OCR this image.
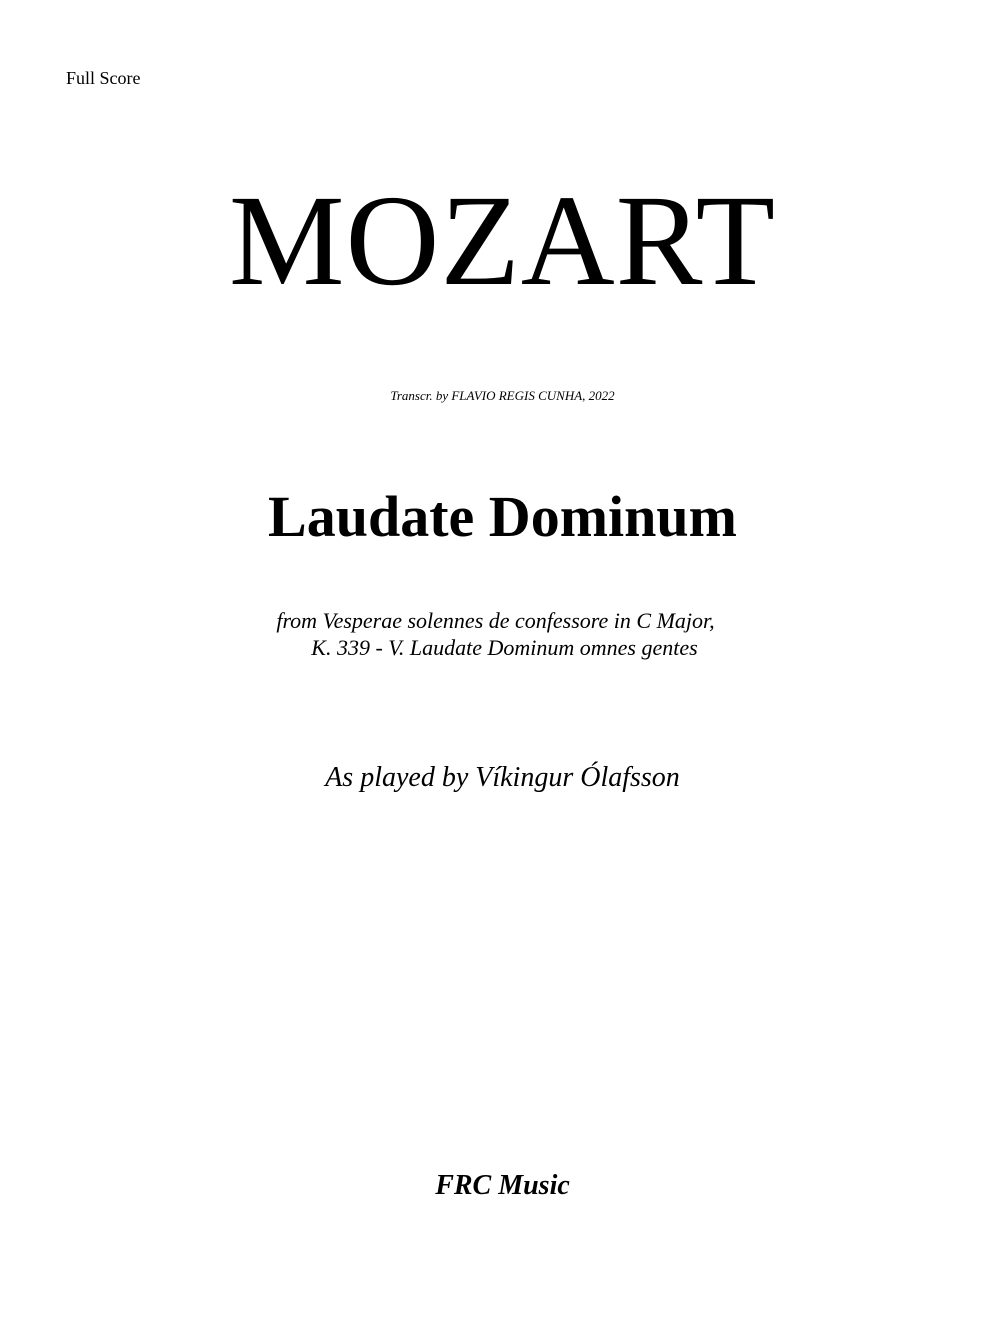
Full Score
MOZART
Transcr. by FLAVIO REGIS CUNHA, 2022
Laudate Dominum
from Vesperae solennes de confessore in C Major,
K. 339 - V. Laudate Dominum omnes gentes
As played by Víkingur Ólafsson
FRC Music
